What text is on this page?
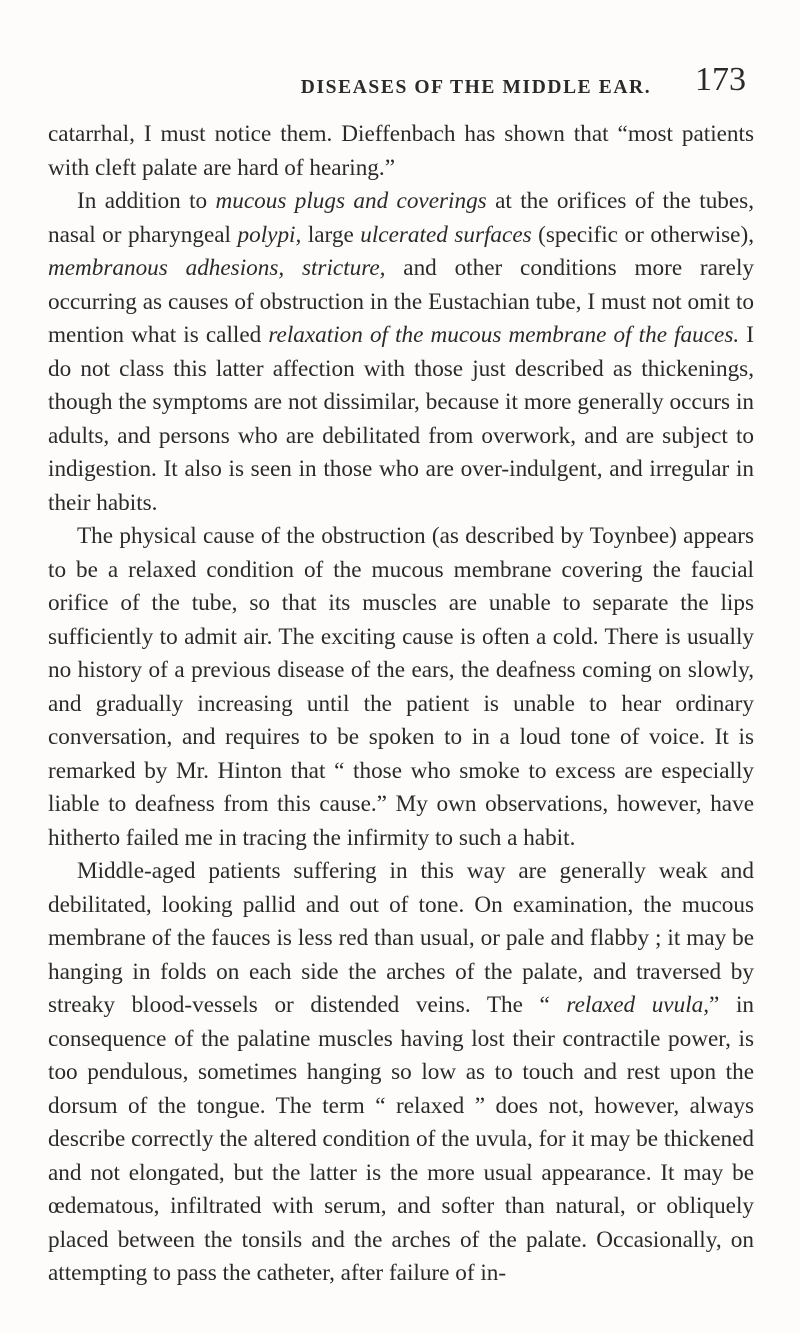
DISEASES OF THE MIDDLE EAR. 173

catarrhal, I must notice them. Dieffenbach has shown that “most patients with cleft palate are hard of hearing.”

In addition to mucous plugs and coverings at the orifices of the tubes, nasal or pharyngeal polypi, large ulcerated surfaces (specific or otherwise), membranous adhesions, stricture, and other conditions more rarely occurring as causes of obstruction in the Eustachian tube, I must not omit to mention what is called relaxation of the mucous membrane of the fauces. I do not class this latter affection with those just described as thickenings, though the symptoms are not dissimilar, because it more generally occurs in adults, and persons who are debilitated from overwork, and are subject to indigestion. It also is seen in those who are over-indulgent, and irregular in their habits.

The physical cause of the obstruction (as described by Toynbee) appears to be a relaxed condition of the mucous membrane covering the faucial orifice of the tube, so that its muscles are unable to separate the lips sufficiently to admit air. The exciting cause is often a cold. There is usually no history of a previous disease of the ears, the deafness coming on slowly, and gradually increasing until the patient is unable to hear ordinary conversation, and requires to be spoken to in a loud tone of voice. It is remarked by Mr. Hinton that “ those who smoke to excess are especially liable to deafness from this cause.” My own observations, however, have hitherto failed me in tracing the infirmity to such a habit.

Middle-aged patients suffering in this way are generally weak and debilitated, looking pallid and out of tone. On examination, the mucous membrane of the fauces is less red than usual, or pale and flabby ; it may be hanging in folds on each side the arches of the palate, and traversed by streaky blood-vessels or distended veins. The “ relaxed uvula,” in consequence of the palatine muscles having lost their contractile power, is too pendulous, sometimes hanging so low as to touch and rest upon the dorsum of the tongue. The term “ relaxed ” does not, however, always describe correctly the altered condition of the uvula, for it may be thickened and not elongated, but the latter is the more usual appearance. It may be œdematous, infiltrated with serum, and softer than natural, or obliquely placed between the tonsils and the arches of the palate. Occasionally, on attempting to pass the catheter, after failure of in-
